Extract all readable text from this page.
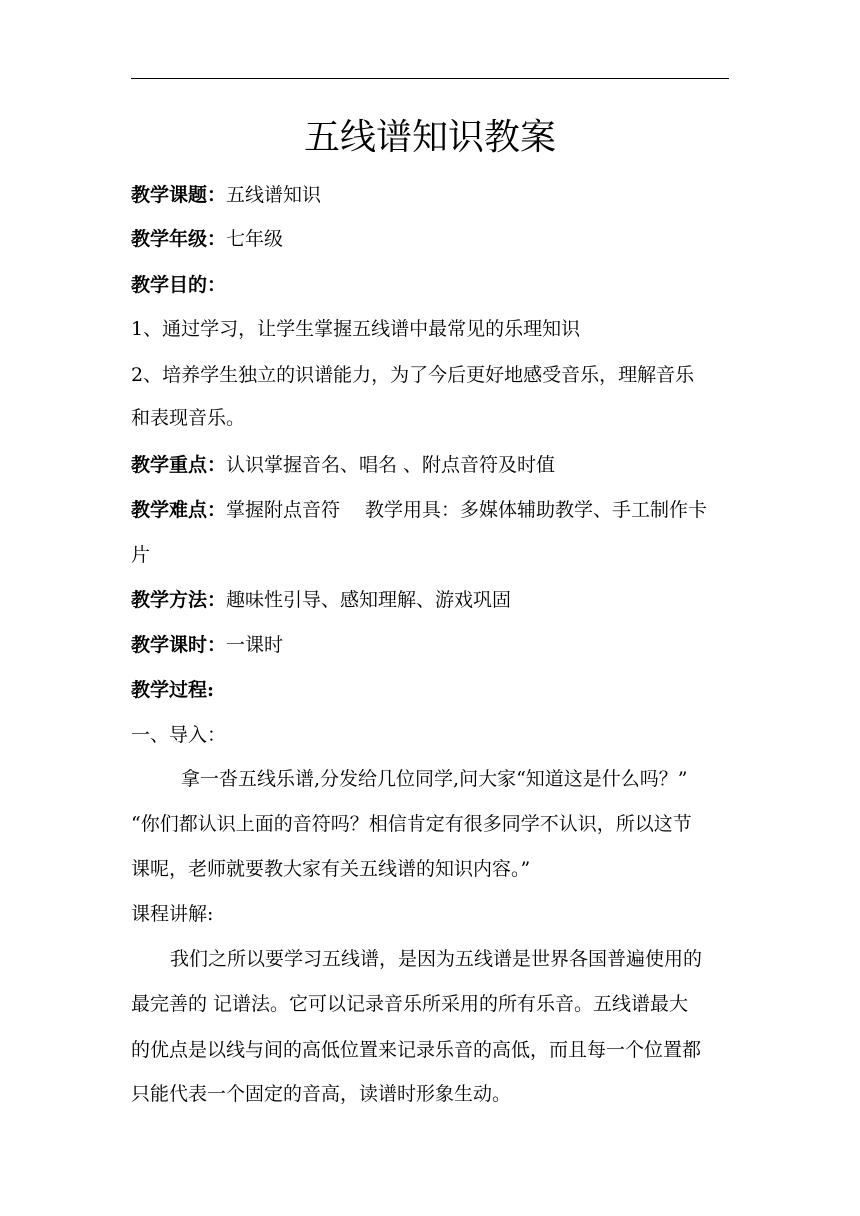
五线谱知识教案
教学课题：五线谱知识
教学年级：七年级
教学目的：
1、通过学习，让学生掌握五线谱中最常见的乐理知识
2、培养学生独立的识谱能力，为了今后更好地感受音乐，理解音乐
和表现音乐。
教学重点：认识掌握音名、唱名 、附点音符及时值
教学难点：掌握附点音符　 教学用具：多媒体辅助教学、手工制作卡
片
教学方法：趣味性引导、感知理解、游戏巩固
教学课时：一课时
教学过程:
一、导入：
拿一沓五线乐谱,分发给几位同学,问大家“知道这是什么吗？”
“你们都认识上面的音符吗？相信肯定有很多同学不认识，所以这节
课呢，老师就要教大家有关五线谱的知识内容。”
课程讲解:
我们之所以要学习五线谱，是因为五线谱是世界各国普遍使用的
最完善的 记谱法。它可以记录音乐所采用的所有乐音。五线谱最大
的优点是以线与间的高低位置来记录乐音的高低，而且每一个位置都
只能代表一个固定的音高，读谱时形象生动。
